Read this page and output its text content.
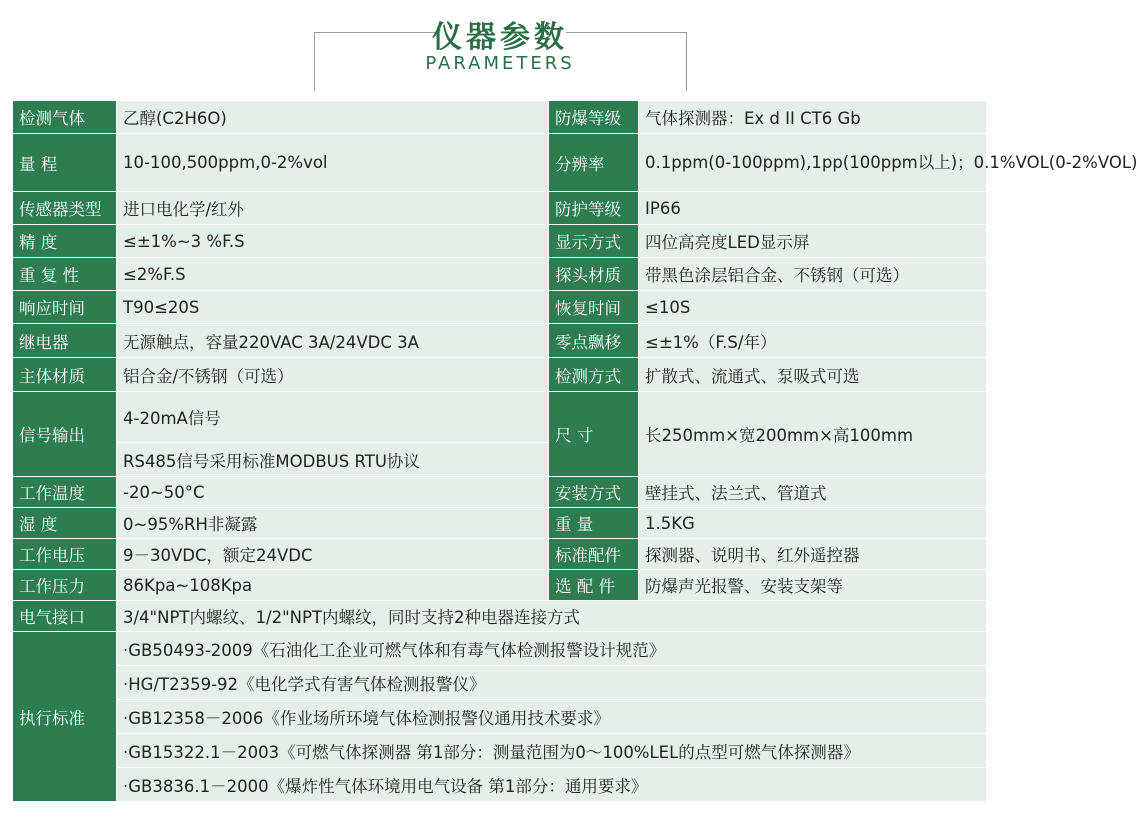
仪器参数
PARAMETERS
检测气体	乙醇(C2H6O)	防爆等级	气体探测器：Ex d II CT6 Gb
量 程	10-100,500ppm,0-2%vol	分辨率	0.1ppm(0-100ppm),1pp(100ppm以上)；0.1%VOL(0-2%VOL)
传感器类型	进口电化学/红外	防护等级	IP66
精 度	≤±1%~3 %F.S	显示方式	四位高亮度LED显示屏
重 复 性	≤2%F.S	探头材质	带黑色涂层铝合金、不锈钢（可选）
响应时间	T90≤20S	恢复时间	≤10S
继电器	无源触点，容量220VAC 3A/24VDC 3A	零点飘移	≤±1%（F.S/年）
主体材质	铝合金/不锈钢（可选）	检测方式	扩散式、流通式、泵吸式可选
信号输出	4-20mA信号	尺 寸	长250mm×宽200mm×高100mm
	RS485信号采用标准MODBUS RTU协议		
工作温度	-20~50°C	安装方式	壁挂式、法兰式、管道式
湿 度	0~95%RH非凝露	重 量	1.5KG
工作电压	9－30VDC，额定24VDC	标准配件	探测器、说明书、红外遥控器
工作压力	86Kpa~108Kpa	选 配 件	防爆声光报警、安装支架等
电气接口	3/4"NPT内螺纹、1/2"NPT内螺纹，同时支持2种电器连接方式		
执行标准	·GB50493-2009《石油化工企业可燃气体和有毒气体检测报警设计规范》		
	·HG/T2359-92《电化学式有害气体检测报警仪》		
	·GB12358－2006《作业场所环境气体检测报警仪通用技术要求》		
	·GB15322.1－2003《可燃气体探测器 第1部分：测量范围为0～100%LEL的点型可燃气体探测器》		
	·GB3836.1－2000《爆炸性气体环境用电气设备 第1部分：通用要求》		
